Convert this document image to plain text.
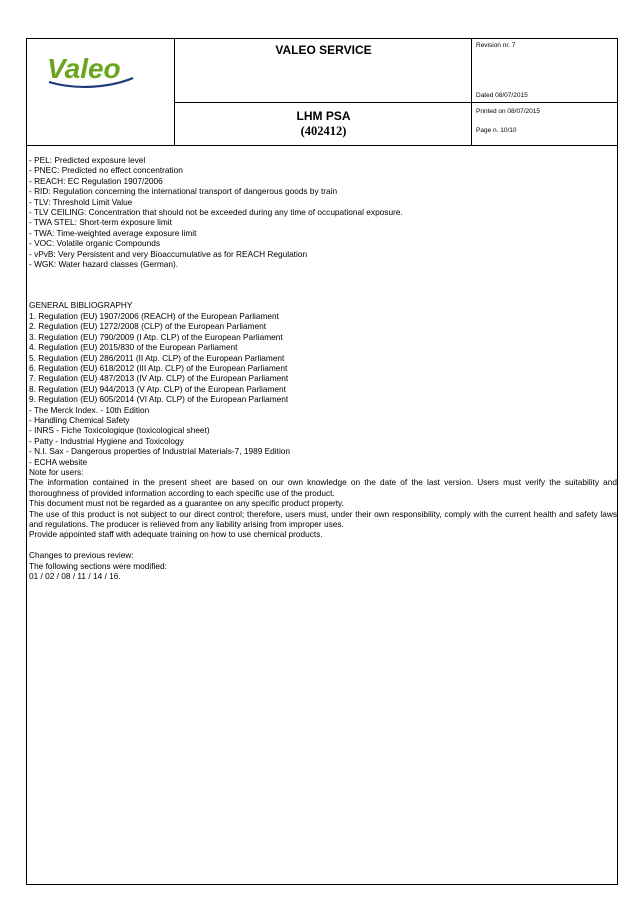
Valeo
VALEO SERVICE
LHM PSA
(402412)
Revision nr. 7
Dated 08/07/2015
Printed on 08/07/2015
Page n. 10/10
- PEL: Predicted exposure level
- PNEC: Predicted no effect concentration
- REACH: EC Regulation 1907/2006
- RID: Regulation concerning the international transport of dangerous goods by train
- TLV: Threshold Limit Value
- TLV CEILING: Concentration that should not be exceeded during any time of occupational exposure.
- TWA STEL: Short-term exposure limit
- TWA: Time-weighted average exposure limit
- VOC: Volatile organic Compounds
- vPvB: Very Persistent and very Bioaccumulative as for REACH Regulation
- WGK: Water hazard classes (German).
GENERAL BIBLIOGRAPHY
1. Regulation (EU) 1907/2006 (REACH) of the European Parliament
2. Regulation (EU) 1272/2008 (CLP) of the European Parliament
3. Regulation (EU) 790/2009 (I Atp. CLP) of the European Parliament
4. Regulation (EU) 2015/830 of the European Parliament
5. Regulation (EU) 286/2011 (II Atp. CLP) of the European Parliament
6. Regulation (EU) 618/2012 (III Atp. CLP) of the European Parliament
7. Regulation (EU) 487/2013 (IV Atp. CLP) of the European Parliament
8. Regulation (EU) 944/2013 (V Atp. CLP) of the European Parliament
9. Regulation (EU) 605/2014 (VI Atp. CLP) of the European Parliament
- The Merck Index. - 10th Edition
- Handling Chemical Safety
- INRS - Fiche Toxicologique (toxicological sheet)
- Patty - Industrial Hygiene and Toxicology
- N.I. Sax - Dangerous properties of Industrial Materials-7, 1989 Edition
- ECHA website
Note for users:
The information contained in the present sheet are based on our own knowledge on the date of the last version. Users must verify the suitability and thoroughness of provided information according to each specific use of the product.
This document must not be regarded as a guarantee on any specific product property.
The use of this product is not subject to our direct control; therefore, users must, under their own responsibility, comply with the current health and safety laws and regulations. The producer is relieved from any liability arising from improper uses.
Provide appointed staff with adequate training on how to use chemical products.
Changes to previous review:
The following sections were modified:
01 / 02 / 08 / 11 / 14 / 16.
